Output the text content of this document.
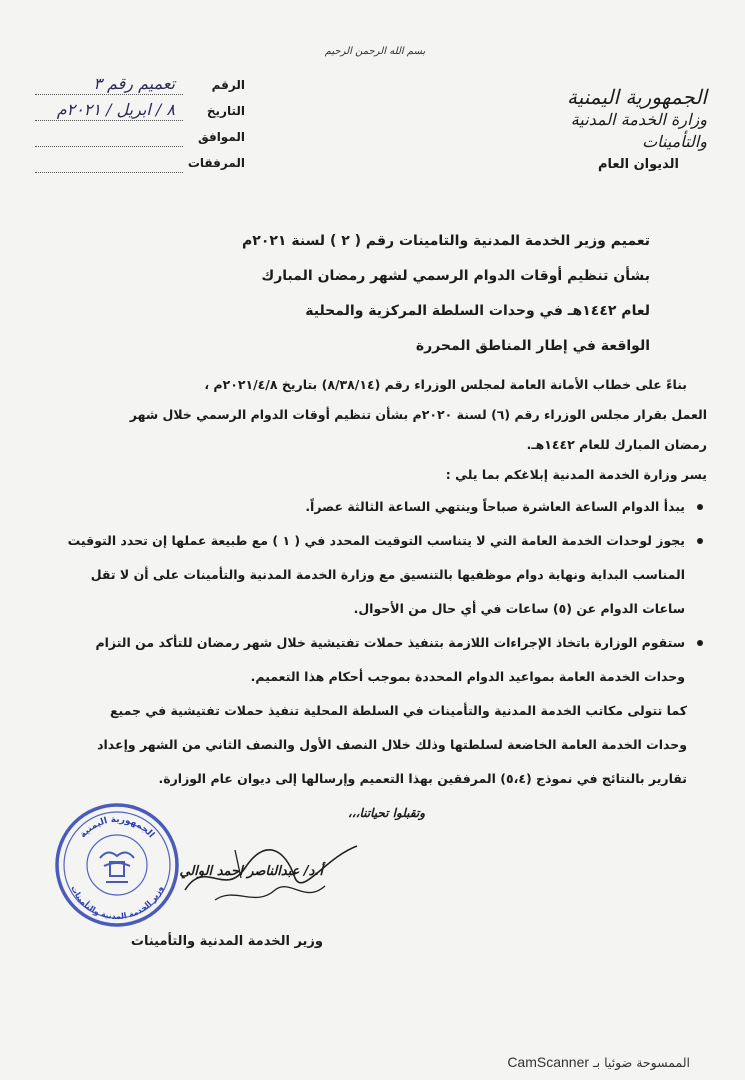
بسم الله الرحمن الرحيم
الجمهورية اليمنية
وزارة الخدمة المدنية والتأمينات
الديوان العام
الرقم
تعميم رقم ٣
التاريخ
٨ / ابريل / ٢٠٢١م
الموافق
المرفقات
تعميم وزير الخدمة المدنية والتامينات رقم ( ٢ ) لسنة ٢٠٢١م
بشأن تنظيم أوقات الدوام الرسمي لشهر رمضان المبارك
لعام ١٤٤٢هـ في وحدات السلطة المركزية والمحلية
الواقعة في إطار المناطق المحررة
بناءً على خطاب الأمانة العامة لمجلس الوزراء رقم (٨/٣٨/١٤) بتاريخ ٢٠٢١/٤/٨م ،
العمل بقرار مجلس الوزراء رقم (٦) لسنة ٢٠٢٠م بشأن تنظيم أوقات الدوام الرسمي خلال شهر
رمضان المبارك للعام ١٤٤٢هـ.
يسر وزارة الخدمة المدنية إبلاغكم بما يلي :
يبدأ الدوام الساعة العاشرة صباحاً وينتهي الساعة الثالثة عصراً.
يجوز لوحدات الخدمة العامة التي لا يتناسب التوقيت المحدد في ( ١ ) مع طبيعة عملها إن تحدد التوقيت المناسب البداية ونهاية دوام موظفيها بالتنسيق مع وزارة الخدمة المدنية والتأمينات على أن لا تقل ساعات الدوام عن (٥) ساعات في أي حال من الأحوال.
ستقوم الوزارة باتخاذ الإجراءات اللازمة بتنفيذ حملات تفتيشية خلال شهر رمضان للتأكد من التزام وحدات الخدمة العامة بمواعيد الدوام المحددة بموجب أحكام هذا التعميم.
كما تتولى مكاتب الخدمة المدنية والتأمينات في السلطة المحلية تنفيذ حملات تفتيشية في جميع وحدات الخدمة العامة الخاضعة لسلطتها وذلك خلال النصف الأول والنصف الثاني من الشهر وإعداد تقارير بالنتائج في نموذج (٥،٤) المرفقين بهذا التعميم وإرسالها إلى ديوان عام الوزارة.
وتقبلوا تحياتنا،،،
الجمهورية اليمنية
وزير الخدمة المدنية والتأمينات
أ.د/ عبدالناصر احمد الوالي
وزير الخدمة المدنية والتأمينات
الممسوحة ضوئيا بـ CamScanner
